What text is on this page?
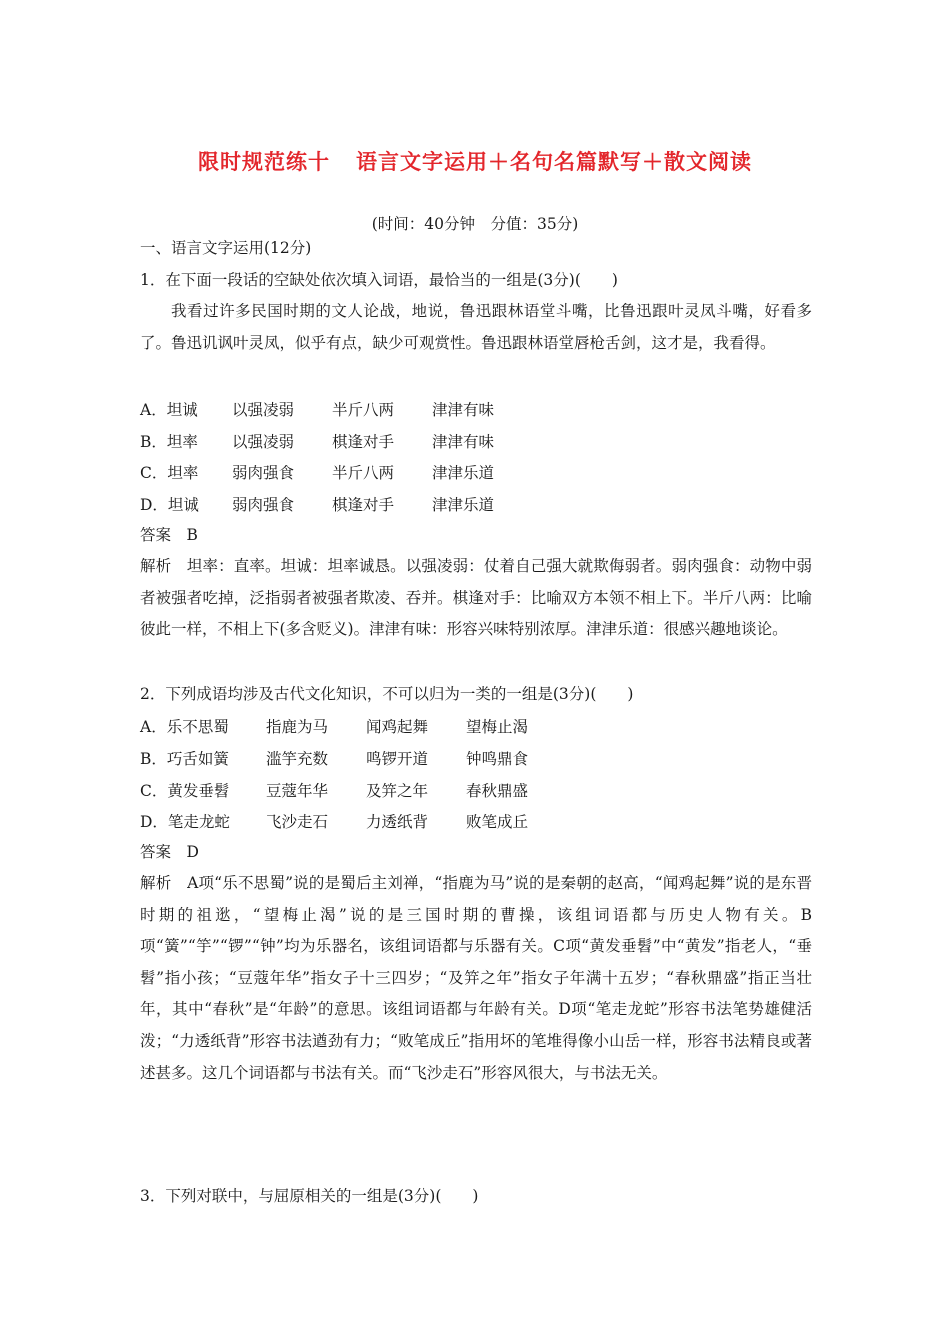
限时规范练十 语言文字运用＋名句名篇默写＋散文阅读
(时间：40分钟　分值：35分)
一、语言文字运用(12分)
1．在下面一段话的空缺处依次填入词语，最恰当的一组是(3分)(　　)
我看过许多民国时期的文人论战，地说，鲁迅跟林语堂斗嘴，比鲁迅跟叶灵凤斗嘴，好看多了。鲁迅讥讽叶灵凤，似乎有点，缺少可观赏性。鲁迅跟林语堂唇枪舌剑，这才是，我看得。
A．坦诚 以强凌弱 半斤八两 津津有味
B．坦率 以强凌弱 棋逢对手 津津有味
C．坦率 弱肉强食 半斤八两 津津乐道
D．坦诚 弱肉强食 棋逢对手 津津乐道
答案　B
解析　坦率：直率。坦诚：坦率诚恳。以强凌弱：仗着自己强大就欺侮弱者。弱肉强食：动物中弱者被强者吃掉，泛指弱者被强者欺凌、吞并。棋逢对手：比喻双方本领不相上下。半斤八两：比喻彼此一样，不相上下(多含贬义)。津津有味：形容兴味特别浓厚。津津乐道：很感兴趣地谈论。
2．下列成语均涉及古代文化知识，不可以归为一类的一组是(3分)(　　)
A．乐不思蜀 指鹿为马 闻鸡起舞 望梅止渴
B．巧舌如簧 滥竽充数 鸣锣开道 钟鸣鼎食
C．黄发垂髫 豆蔻年华 及笄之年 春秋鼎盛
D．笔走龙蛇 飞沙走石 力透纸背 败笔成丘
答案　D
解析　A项“乐不思蜀”说的是蜀后主刘禅，“指鹿为马”说的是秦朝的赵高，“闻鸡起舞”说的是东晋时期的祖逖，“望梅止渴”说的是三国时期的曹操，该组词语都与历史人物有关。B项“簧”“竽”“锣”“钟”均为乐器名，该组词语都与乐器有关。C项“黄发垂髫”中“黄发”指老人，“垂髫”指小孩；“豆蔻年华”指女子十三四岁；“及笄之年”指女子年满十五岁；“春秋鼎盛”指正当壮年，其中“春秋”是“年龄”的意思。该组词语都与年龄有关。D项“笔走龙蛇”形容书法笔势雄健活泼；“力透纸背”形容书法遒劲有力；“败笔成丘”指用坏的笔堆得像小山岳一样，形容书法精良或著述甚多。这几个词语都与书法有关。而“飞沙走石”形容风很大，与书法无关。
3．下列对联中，与屈原相关的一组是(3分)(　　)
